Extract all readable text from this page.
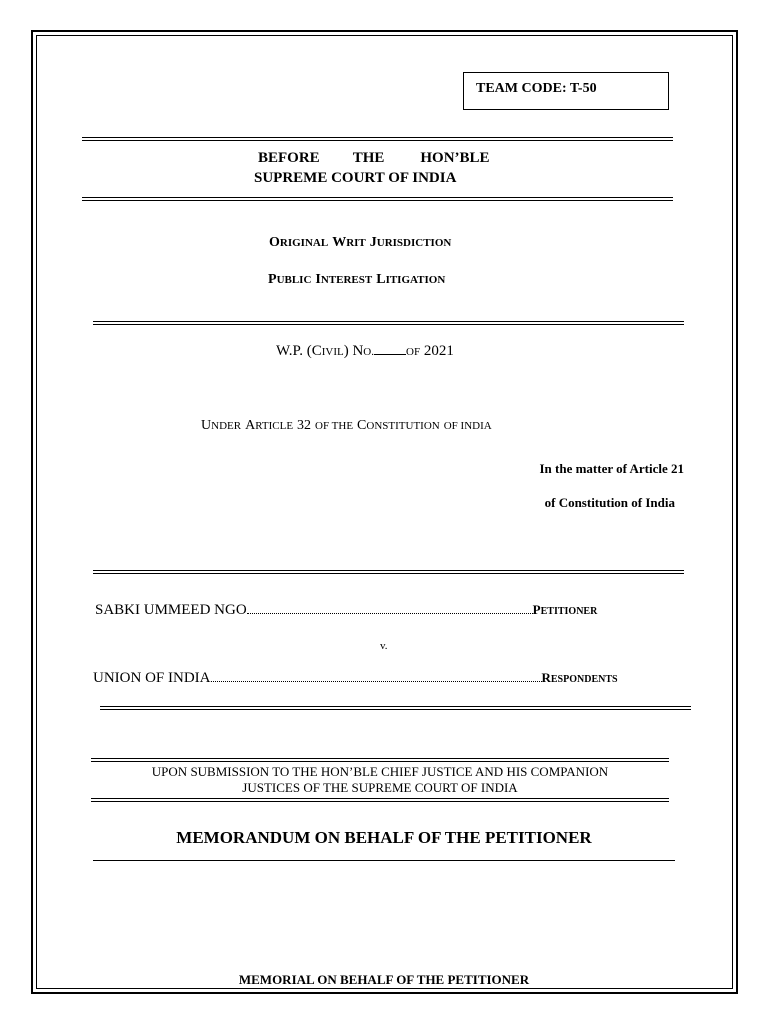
TEAM CODE: T-50
BEFORE THE HON’BLE
SUPREME COURT OF INDIA
ORIGINAL WRIT JURISDICTION
PUBLIC INTEREST LITIGATION
W.P. (CIVIL) NO.	OF 2021
UNDER ARTICLE 32 OF THE CONSTITUTION OF INDIA
In the matter of Article 21
of Constitution of India
SABKI UMMEED NGO	PETITIONER
v.
UNION OF INDIA	RESPONDENTS
UPON SUBMISSION TO THE HON’BLE CHIEF JUSTICE AND HIS COMPANION
JUSTICES OF THE SUPREME COURT OF INDIA
MEMORANDUM ON BEHALF OF THE PETITIONER
MEMORIAL ON BEHALF OF THE PETITIONER
